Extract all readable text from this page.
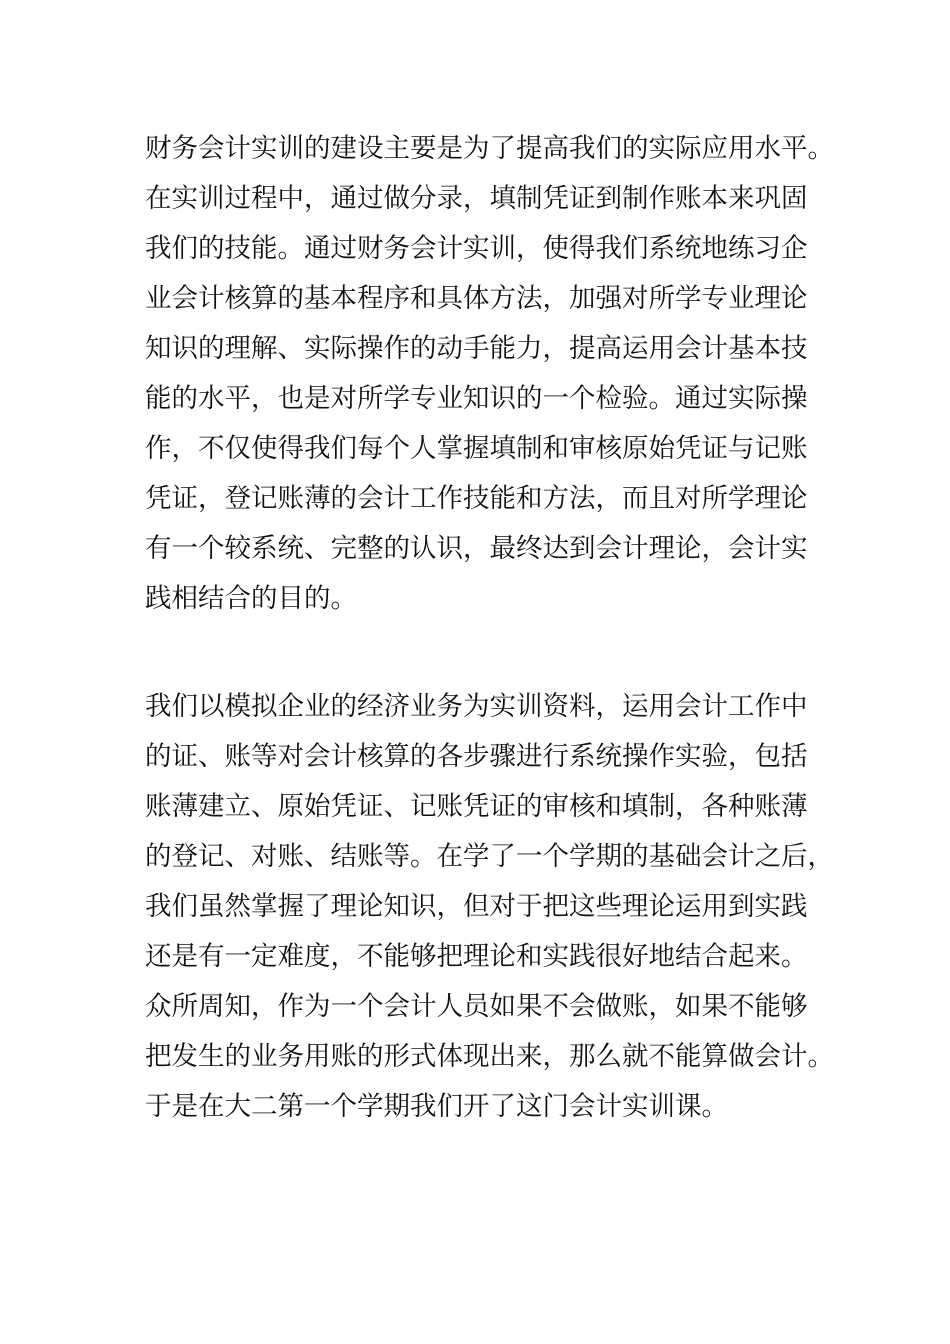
财务会计实训的建设主要是为了提高我们的实际应用水平。
在实训过程中，通过做分录，填制凭证到制作账本来巩固
我们的技能。通过财务会计实训，使得我们系统地练习企
业会计核算的基本程序和具体方法，加强对所学专业理论
知识的理解、实际操作的动手能力，提高运用会计基本技
能的水平，也是对所学专业知识的一个检验。通过实际操
作，不仅使得我们每个人掌握填制和审核原始凭证与记账
凭证，登记账薄的会计工作技能和方法，而且对所学理论
有一个较系统、完整的认识，最终达到会计理论，会计实
践相结合的目的。
我们以模拟企业的经济业务为实训资料，运用会计工作中
的证、账等对会计核算的各步骤进行系统操作实验，包括
账薄建立、原始凭证、记账凭证的审核和填制，各种账薄
的登记、对账、结账等。在学了一个学期的基础会计之后，
我们虽然掌握了理论知识，但对于把这些理论运用到实践
还是有一定难度，不能够把理论和实践很好地结合起来。
众所周知，作为一个会计人员如果不会做账，如果不能够
把发生的业务用账的形式体现出来，那么就不能算做会计。
于是在大二第一个学期我们开了这门会计实训课。
